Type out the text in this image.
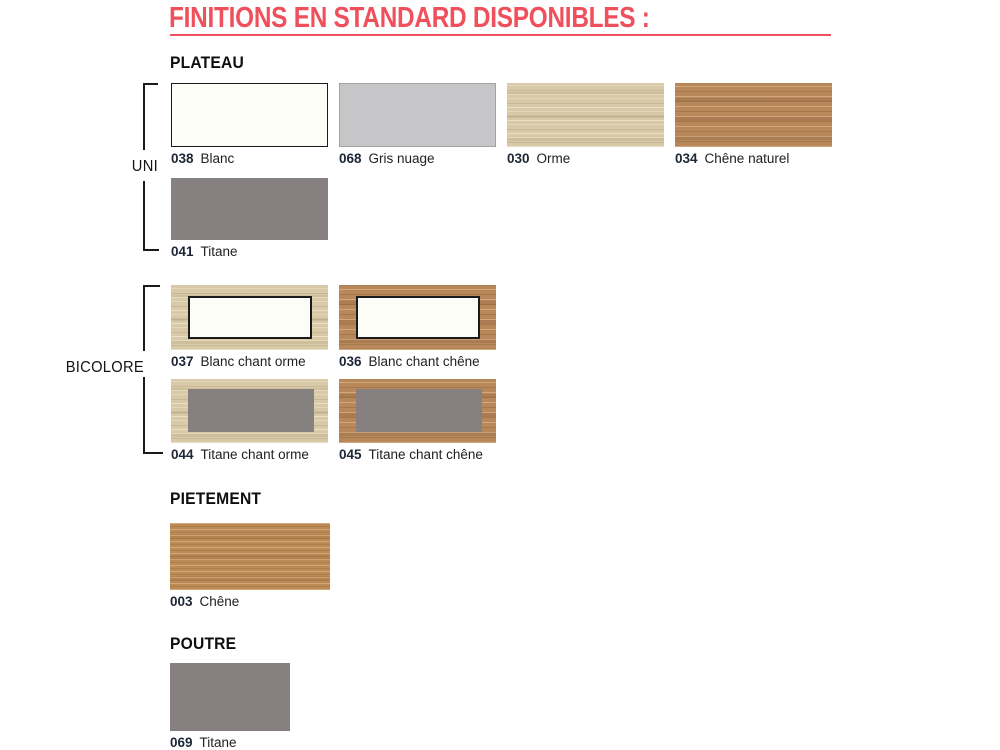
FINITIONS EN STANDARD DISPONIBLES :
PLATEAU
UNI 038 Blanc	068 Gris nuage	030 Orme	034 Chêne naturel
041 Titane
BICOLORE 037 Blanc chant orme	036 Blanc chant chêne
044 Titane chant orme	045 Titane chant chêne
PIETEMENT
003 Chêne
POUTRE
069 Titane
